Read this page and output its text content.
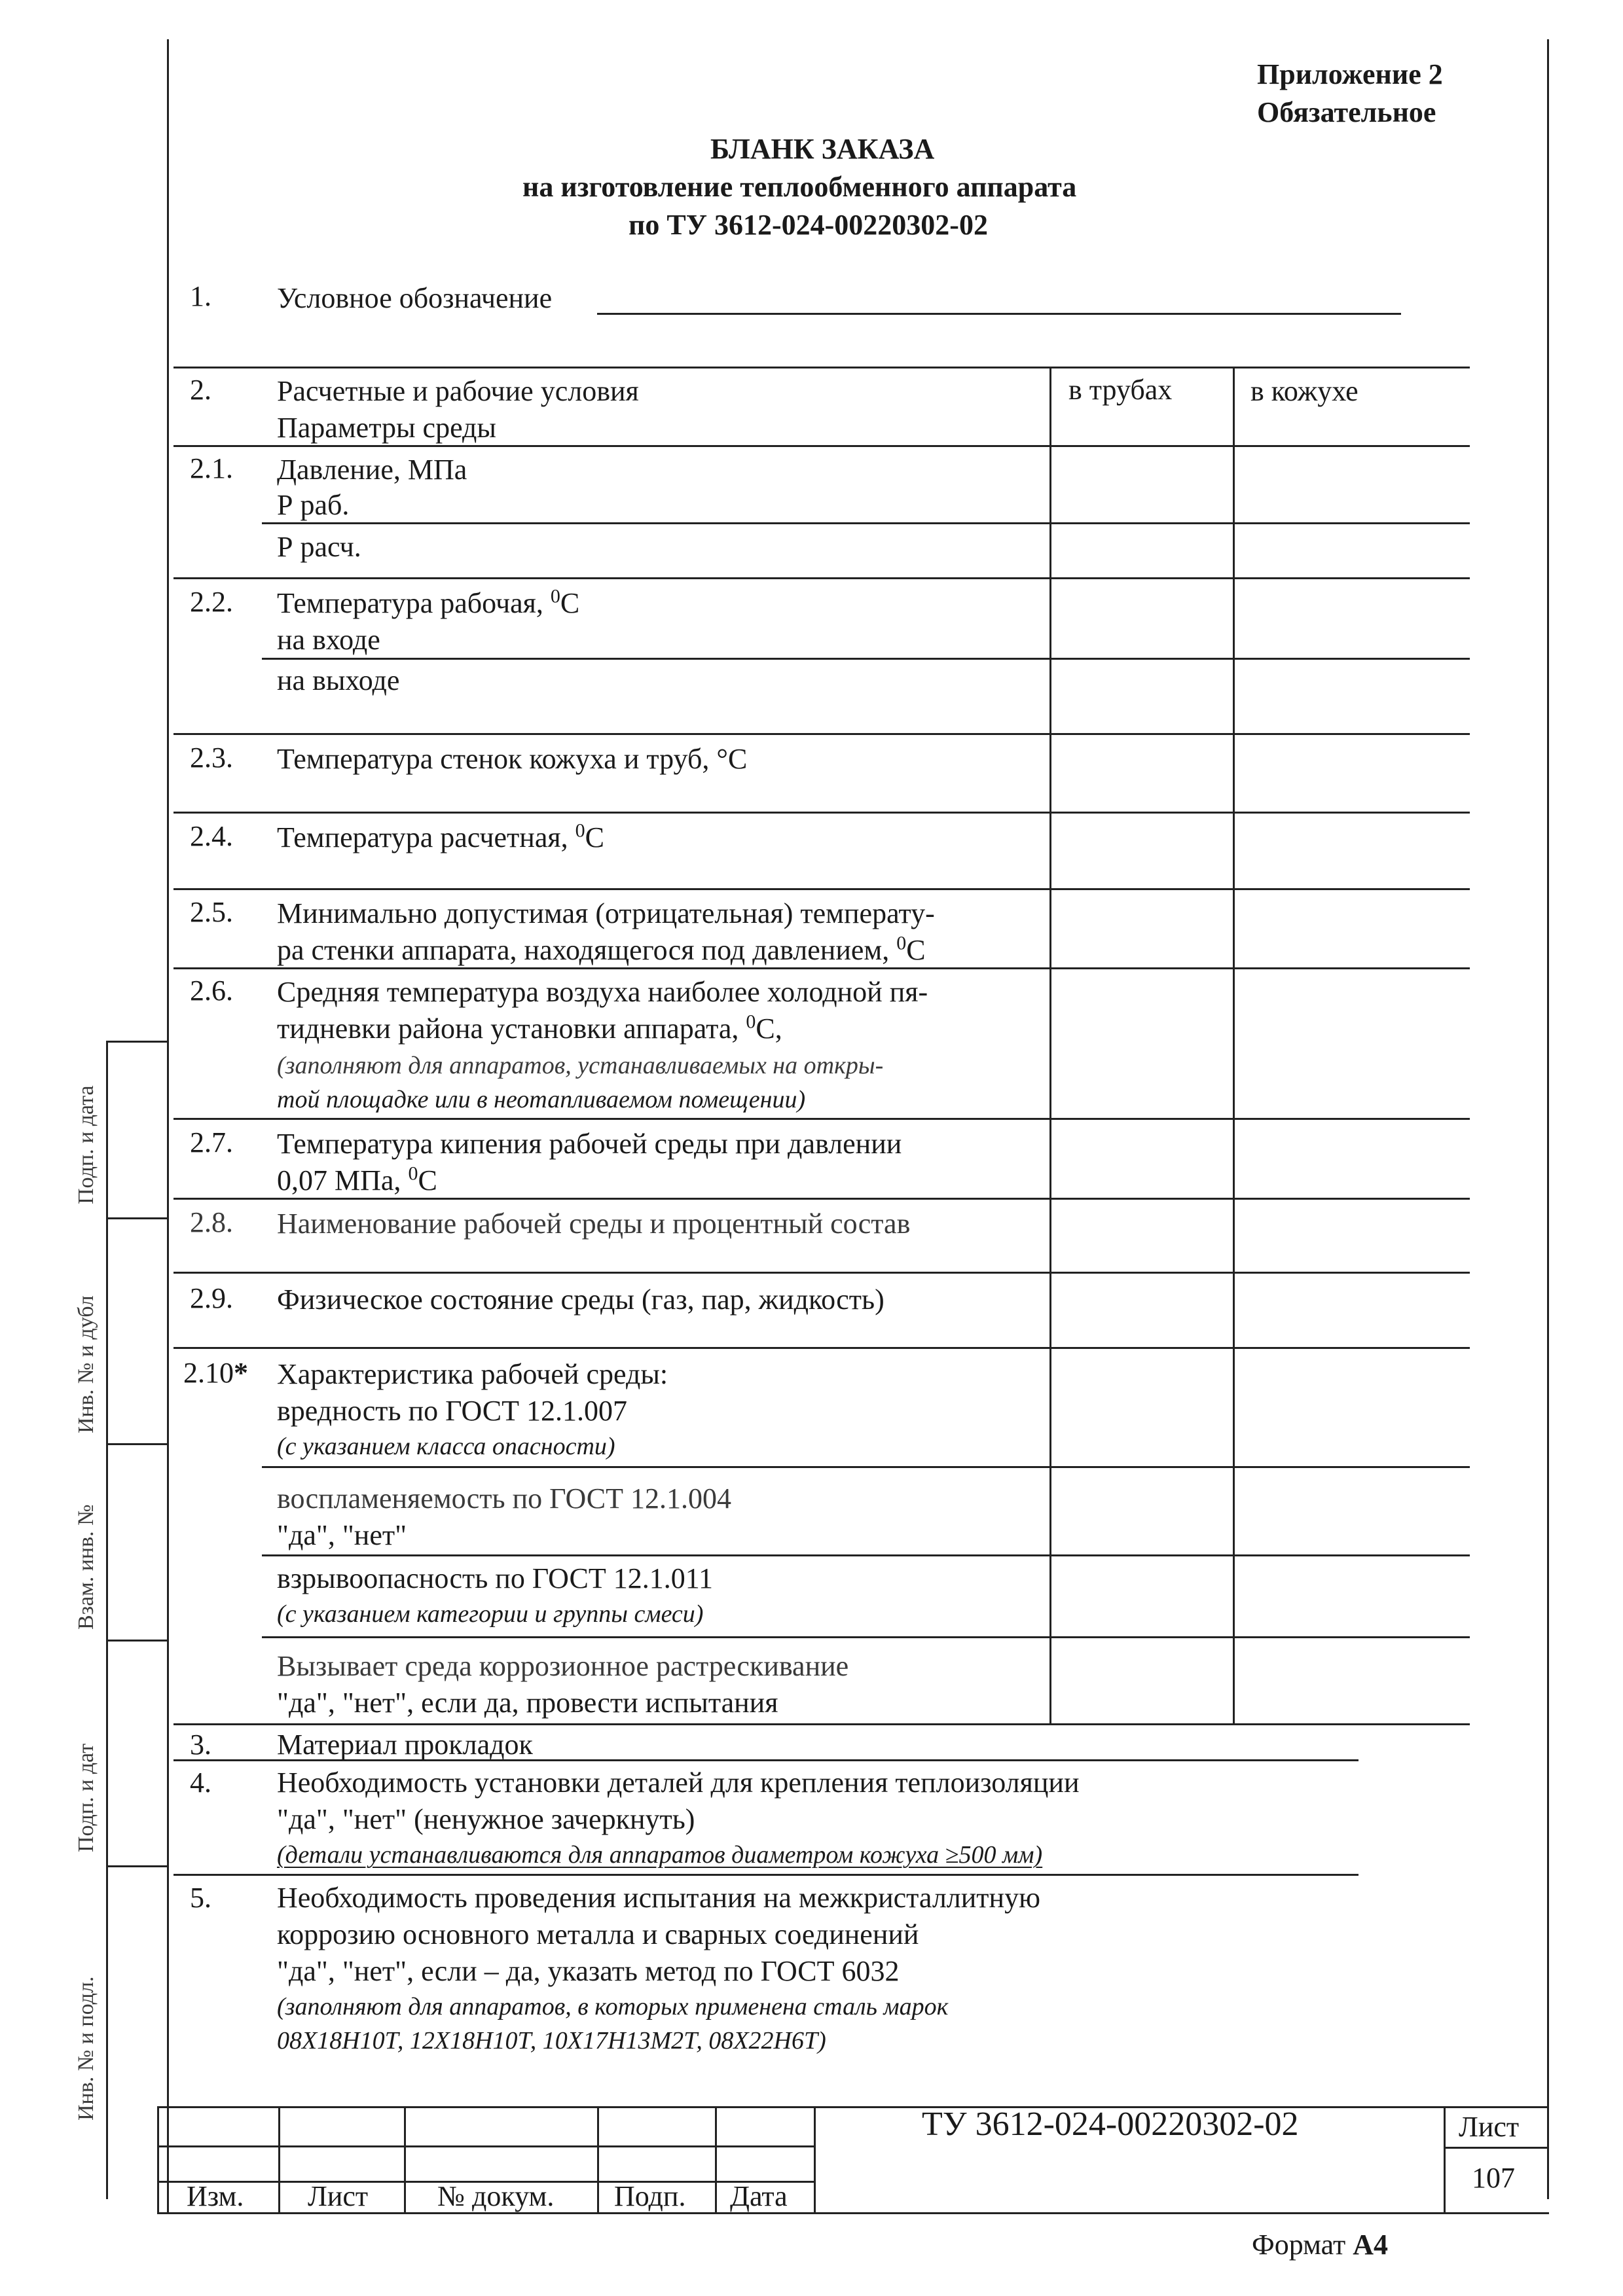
Подп. и дата
Инв. № и дубл
Взам. инв. №
Подп. и дат
Инв. № и подл.
Приложение 2
Обязательное
БЛАНК ЗАКАЗА
на изготовление теплообменного аппарата
по ТУ 3612-024-00220302-02
1. Условное обозначение
2. Расчетные и рабочие условия
Параметры среды
в трубах	в кожухе
2.1. Давление, МПа
Р раб.
Р расч.
2.2. Температура рабочая, $^0$С
на входе
на выходе
2.3. Температура стенок кожуха и труб, °С
2.4. Температура расчетная, $^0$С
2.5. Минимально допустимая (отрицательная) температу-
ра стенки аппарата, находящегося под давлением, $^0$С
2.6. Средняя температура воздуха наиболее холодной пя-
тидневки района установки аппарата, $^0$С,
(заполняют для аппаратов, устанавливаемых на откры-
той площадке или в неотапливаемом помещении)
2.7. Температура кипения рабочей среды при давлении
0,07 МПа, $^0$С
2.8. Наименование рабочей среды и процентный состав
2.9. Физическое состояние среды (газ, пар, жидкость)
2.10* Характеристика рабочей среды:
вредность по ГОСТ 12.1.007
(с указанием класса опасности)
воспламеняемость по ГОСТ 12.1.004
"да", "нет"
взрывоопасность по ГОСТ 12.1.011
(с указанием категории и группы смеси)
Вызывает среда коррозионное растрескивание
"да", "нет", если да, провести испытания
3. Материал прокладок
4. Необходимость установки деталей для крепления теплоизоляции
"да", "нет" (ненужное зачеркнуть)
(детали устанавливаются для аппаратов диаметром кожуха ≥500 мм)
5. Необходимость проведения испытания на межкристаллитную
коррозию основного металла и сварных соединений
"да", "нет", если – да, указать метод по ГОСТ 6032
(заполняют для аппаратов, в которых применена сталь марок
08Х18Н10Т, 12Х18Н10Т, 10Х17Н13М2Т, 08Х22Н6Т)
Изм. Лист № докум. Подп. Дата
ТУ 3612-024-00220302-02	Лист
107
Формат А4
